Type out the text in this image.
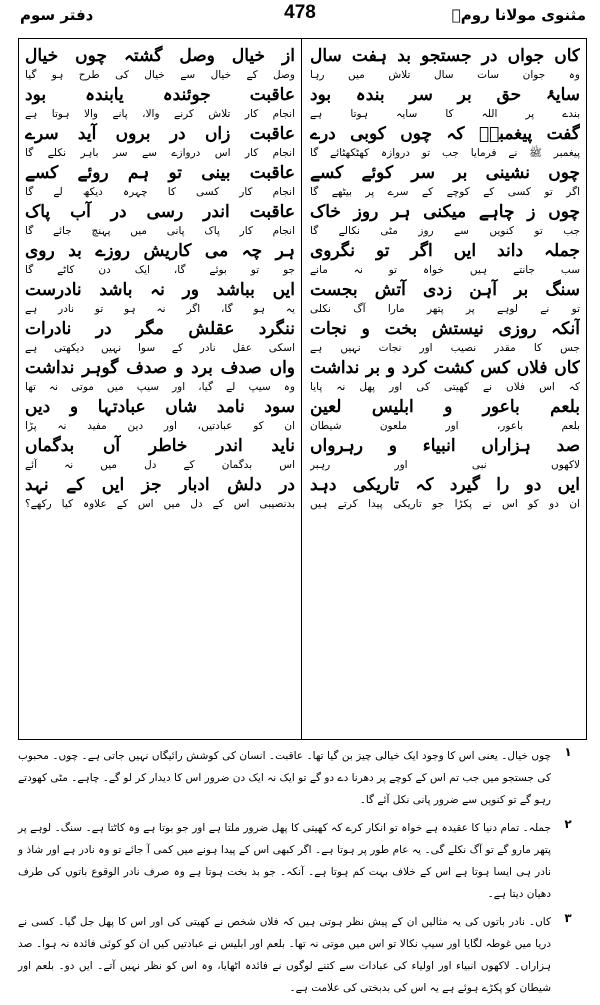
مثنوی مولانا رومؒ
478
دفتر سوم
کاں جواں در جستجو بد ہفت سال
وہ جوان سات سال تلاش میں رہا
سایۂ حق بر سر بندہ بود
بندے پر اللہ کا سایہ ہوتا ہے
گفت پیغمبرؐ کہ چوں کوبی درے
پیغمبر ﷺ نے فرمایا جب تو دروازہ کھٹکھٹائے گا
چوں نشینی بر سر کوئے کسے
اگر تو کسی کے کوچے کے سرے پر بیٹھے گا
چوں ز چاہے میکنی ہر روز خاک
جب تو کنویں سے روز مٹی نکالے گا
جملہ داند ایں اگر تو نگروی
سب جانتے ہیں خواہ تو نہ مانے
سنگ بر آہن زدی آتش بجست
تو نے لوہے پر پتھر مارا آگ نکلی
آنکہ روزی نیستش بخت و نجات
جس کا مقدر نصیب اور نجات نہیں ہے
کاں فلاں کس کشت کرد و بر نداشت
کہ اس فلاں نے کھیتی کی اور پھل نہ پایا
بلعم باعور و ابلیس لعین
بلعم باعور، اور ملعون شیطان
صد ہزاراں انبیاء و رہرواں
لاکھوں نبی اور رہبر
ایں دو را گیرد کہ تاریکی دہد
ان دو کو اس نے پکڑا جو تاریکی پیدا کرتے ہیں
از خیال وصل گشتہ چوں خیال
وصل کے خیال سے خیال کی طرح ہو گیا
عاقبت جوئندہ یابندہ بود
انجام کار تلاش کرنے والا، پانے والا ہوتا ہے
عاقبت زاں در بروں آید سرے
انجام کار اس دروازے سے سر باہر نکلے گا
عاقبت بینی تو ہم روئے کسے
انجام کار کسی کا چہرہ دیکھ لے گا
عاقبت اندر رسی در آب پاک
انجام کار پاک پانی میں پہنچ جائے گا
ہر چہ می کاریش روزے بد روی
جو تو بوئے گا، ایک دن کاٹے گا
ایں بباشد ور نہ باشد نادرست
یہ ہو گا، اگر نہ ہو تو نادر ہے
ننگرد عقلش مگر در نادرات
اسکی عقل نادر کے سوا نہیں دیکھتی ہے
واں صدف برد و صدف گوہر نداشت
وہ سیپ لے گیا، اور سیپ میں موتی نہ تھا
سود نامد شاں عبادتہا و دیں
ان کو عبادتیں، اور دین مفید نہ پڑا
ناید اندر خاطر آں بدگماں
اس بدگمان کے دل میں نہ آئے
در دلش ادبار جز ایں کے نہد
بدنصیبی اس کے دل میں اس کے علاوہ کیا رکھے؟
۱
چوں خیال۔ یعنی اس کا وجود ایک خیالی چیز بن گیا تھا۔ عاقبت۔ انسان کی کوشش رائیگاں نہیں جاتی ہے۔ چوں۔ محبوب کی جستجو میں جب تم اس کے کوچے پر دھرنا دے دو گے تو ایک نہ ایک دن ضرور اس کا دیدار کر لو گے۔ چاہے۔ مٹی کھودتے رہو گے تو کنویں سے ضرور پانی نکل آئے گا۔
۲
جملہ۔ تمام دنیا کا عقیدہ ہے خواہ تو انکار کرے کہ کھیتی کا پھل ضرور ملتا ہے اور جو بوتا ہے وہ کاٹتا ہے۔ سنگ۔ لوہے پر پتھر مارو گے تو آگ نکلے گی۔ یہ عام طور پر ہوتا ہے۔ اگر کبھی اس کے پیدا ہونے میں کمی آ جائے تو وہ نادر ہے اور شاذ و نادر ہی ایسا ہوتا ہے اس کے خلاف بہت کم ہوتا ہے۔ آنکہ۔ جو بد بخت ہوتا ہے وہ صرف نادر الوقوع باتوں کی طرف دھیان دیتا ہے۔
۳
کاں۔ نادر باتوں کی یہ مثالیں ان کے پیش نظر ہوتی ہیں کہ فلاں شخص نے کھیتی کی اور اس کا پھل جل گیا۔ کسی نے دریا میں غوطہ لگایا اور سیپ نکالا تو اس میں موتی نہ تھا۔ بلعم اور ابلیس نے عبادتیں کیں ان کو کوئی فائدہ نہ ہوا۔ صد ہزاراں۔ لاکھوں انبیاء اور اولیاء کی عبادات سے کتنے لوگوں نے فائدہ اٹھایا، وہ اس کو نظر نہیں آتے۔ ایں دو۔ بلعم اور شیطان کو پکڑے ہوئے ہے یہ اس کی بدبختی کی علامت ہے۔
